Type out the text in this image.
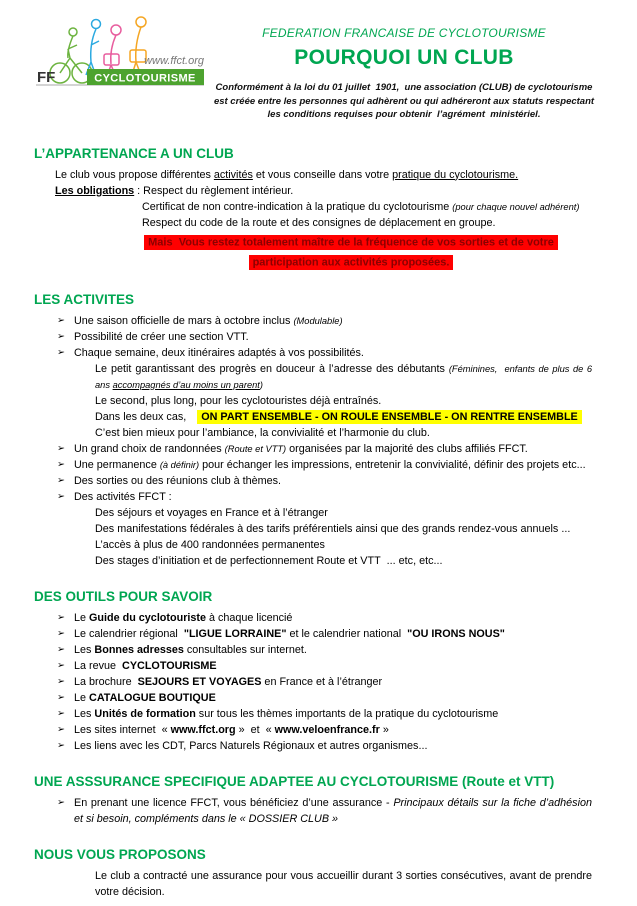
www.ffct.org
FF	CYCLOTOURISME
FEDERATION FRANCAISE DE CYCLOTOURISME
POURQUOI UN CLUB
Conformément à la loi du 01 juillet  1901,  une association (CLUB) de cyclotourisme
est créée entre les personnes qui adhèrent ou qui adhéreront aux statuts respectant
les conditions requises pour obtenir  l’agrément  ministériel.
L’APPARTENANCE A UN CLUB

Le club vous propose différentes activités et vous conseille dans votre pratique du cyclotourisme.

Les obligations : Respect du règlement intérieur.

Certificat de non contre-indication à la pratique du cyclotourisme (pour chaque nouvel adhérent)

Respect du code de la route et des consignes de déplacement en groupe.

Mais  Vous restez totalement maître de la fréquence de vos sorties et de votre participation aux activités proposées.
LES ACTIVITES

➢ Une saison officielle de mars à octobre inclus (Modulable)

➢ Possibilité de créer une section VTT.

➢ Chaque semaine, deux itinéraires adaptés à vos possibilités.

Le petit garantissant des progrès en douceur à l’adresse des débutants (Féminines,  enfants de plus de 6 ans accompagnés d’au moins un parent)

Le second, plus long, pour les cyclotouristes déjà entraînés.

Dans les deux cas, ON PART ENSEMBLE - ON ROULE ENSEMBLE - ON RENTRE ENSEMBLE

C’est bien mieux pour l’ambiance, la convivialité et l’harmonie du club.

➢ Un grand choix de randonnées (Route et VTT) organisées par la majorité des clubs affiliés FFCT.

➢ Une permanence (à définir) pour échanger les impressions, entretenir la convivialité, définir des projets etc...

➢ Des sorties ou des réunions club à thèmes.

➢ Des activités FFCT :

Des séjours et voyages en France et à l’étranger

Des manifestations fédérales à des tarifs préférentiels ainsi que des grands rendez-vous annuels ...

L’accès à plus de 400 randonnées permanentes

Des stages d’initiation et de perfectionnement Route et VTT  ... etc, etc...

DES OUTILS POUR SAVOIR

➢ Le Guide du cyclotouriste à chaque licencié

➢ Le calendrier régional  "LIGUE LORRAINE" et le calendrier national  "OU IRONS NOUS"

➢ Les Bonnes adresses consultables sur internet.

➢ La revue  CYCLOTOURISME

➢ La brochure  SEJOURS ET VOYAGES en France et à l’étranger

➢ Le CATALOGUE BOUTIQUE

➢ Les Unités de formation sur tous les thèmes importants de la pratique du cyclotourisme

➢ Les sites internet  « www.ffct.org »  et  « www.veloenfrance.fr »

➢ Les liens avec les CDT, Parcs Naturels Régionaux et autres organismes...

UNE ASSSURANCE SPECIFIQUE ADAPTEE AU CYCLOTOURISME (Route et VTT)

➢ En prenant une licence FFCT, vous bénéficiez d’une assurance - Principaux détails sur la fiche d’adhésion et si besoin, compléments dans le « DOSSIER CLUB »

NOUS VOUS PROPOSONS

Le club a contracté une assurance pour vous accueillir durant 3 sorties consécutives, avant de prendre votre décision.
